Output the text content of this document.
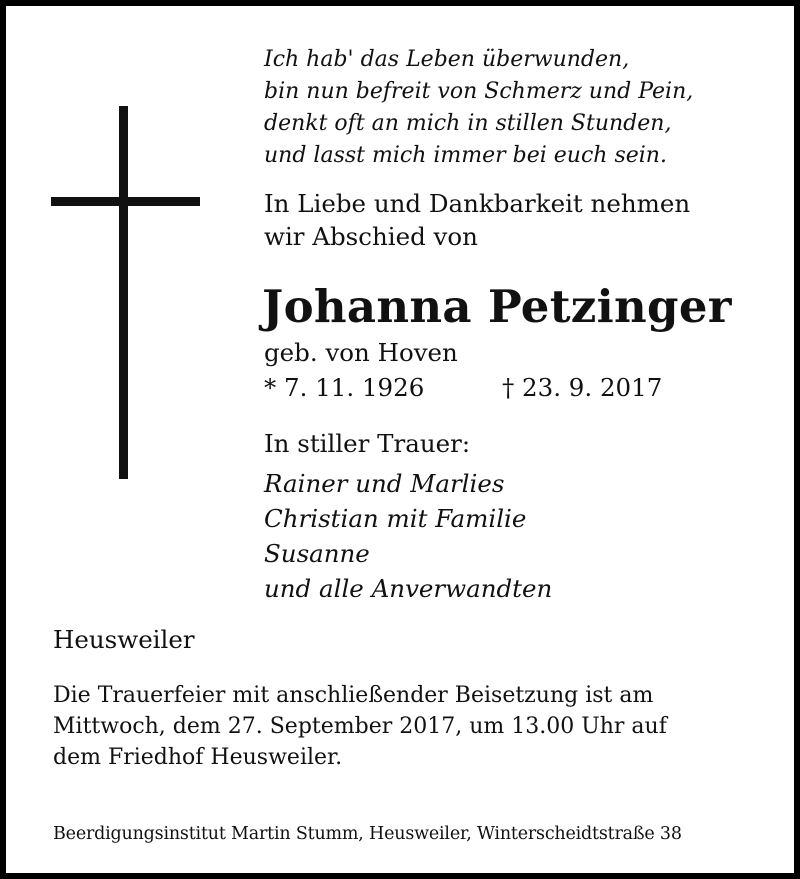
Ich hab' das Leben überwunden,
bin nun befreit von Schmerz und Pein,
denkt oft an mich in stillen Stunden,
und lasst mich immer bei euch sein.
In Liebe und Dankbarkeit nehmen
wir Abschied von
Johanna Petzinger
geb. von Hoven
* 7. 11. 1926	† 23. 9. 2017
In stiller Trauer:
Rainer und Marlies
Christian mit Familie
Susanne
und alle Anverwandten
Heusweiler
Die Trauerfeier mit anschließender Beisetzung ist am
Mittwoch, dem 27. September 2017, um 13.00 Uhr auf
dem Friedhof Heusweiler.
Beerdigungsinstitut Martin Stumm, Heusweiler, Winterscheidtstraße 38
